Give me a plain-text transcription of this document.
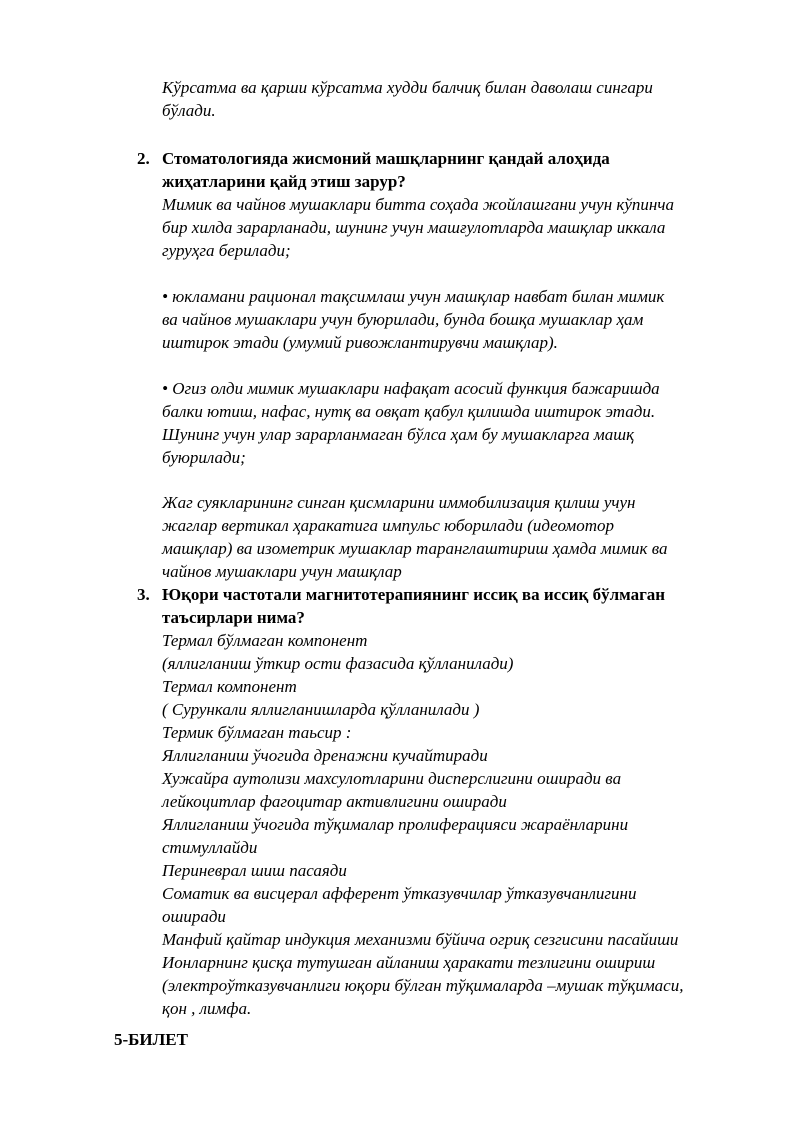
Кўрсатма ва қарши кўрсатма худди балчиқ билан даволаш сингари
бўлади.
2. Стоматологияда жисмоний машқларнинг қандай алоҳида
жиҳатларини қайд этиш зарур?
Мимик ва чайнов мушаклари битта соҳада жойлашгани учун кўпинча
бир хилда зарарланади, шунинг учун машғулотларда машқлар иккала
гуруҳга берилади;
• юкламани рационал тақсимлаш учун машқлар навбат билан мимик
ва чайнов мушаклари учун буюрилади, бунда бошқа мушаклар ҳам
иштирок этади (умумий ривожлантирувчи машқлар).
• Огиз олди мимик мушаклари нафақат асосий функция бажаришда
балки ютиш, нафас, нутқ ва овқат қабул қилишда иштирок этади.
Шунинг учун улар зарарланмаган бўлса ҳам бу мушакларга машқ
буюрилади;
Жаг суякларининг синган қисмларини иммобилизация қилиш учун
жаглар вертикал ҳаракатига импульс юборилади (идеомотор
машқлар) ва изометрик мушаклар таранглаштириш ҳамда мимик ва
чайнов мушаклари учун машқлар
3. Юқори частотали магнитотерапиянинг иссиқ ва иссиқ бўлмаган
таъсирлари нима?
Термал бўлмаган компонент
(яллигланиш ўткир ости фазасида қўлланилади)
Термал компонент
( Сурункали яллигланишларда қўлланилади )
Термик бўлмаган таьсир :
Яллигланиш ўчогида дренажни кучайтиради
Хужайра аутолизи махсулотларини дисперслигини оширади ва
лейкоцитлар фагоцитар активлигини оширади
Яллигланиш ўчогида тўқималар пролиферацияси жараёнларини
стимуллайди
Периневрал шиш пасаяди
Соматик ва висцерал афферент ўтказувчилар ўтказувчанлигини
оширади
Манфий қайтар индукция механизми бўйича огриқ сезгисини пасайиши
Ионларнинг қисқа тутушган айланиш ҳаракати тезлигини ошириш
(электроўтказувчанлиги юқори бўлган тўқималарда –мушак тўқимаси,
қон , лимфа.
5-БИЛЕТ
